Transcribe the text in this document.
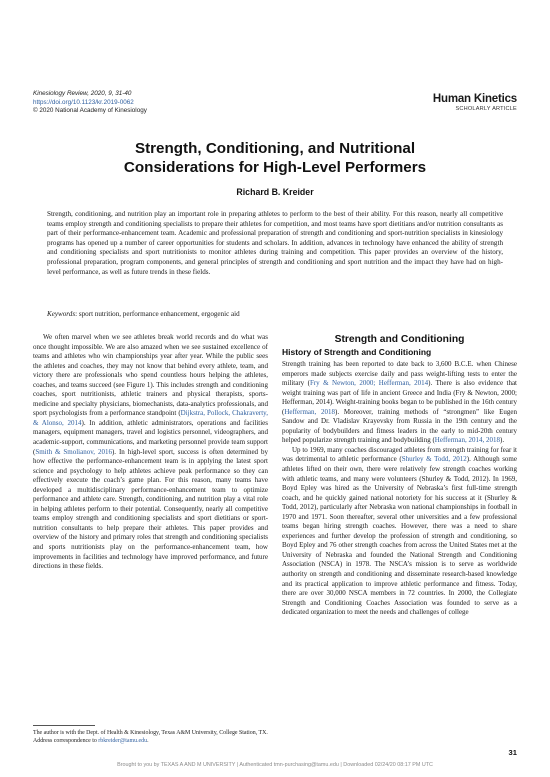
Kinesiology Review, 2020, 9, 31-40
https://doi.org/10.1123/kr.2019-0062
© 2020 National Academy of Kinesiology
Human Kinetics
SCHOLARLY ARTICLE
Strength, Conditioning, and Nutritional
Considerations for High-Level Performers
Richard B. Kreider
Strength, conditioning, and nutrition play an important role in preparing athletes to perform to the best of their ability. For this reason, nearly all competitive teams employ strength and conditioning specialists to prepare their athletes for competition, and most teams have sport dietitians and/or nutrition consultants as part of their performance-enhancement team. Academic and professional preparation of strength and conditioning and sport-nutrition specialists in kinesiology programs has opened up a number of career opportunities for students and scholars. In addition, advances in technology have enhanced the ability of strength and conditioning specialists and sport nutritionists to monitor athletes during training and competition. This paper provides an overview of the history, professional preparation, program components, and general principles of strength and conditioning and sport nutrition and the impact they have had on high-level performance, as well as future trends in these fields.
Keywords: sport nutrition, performance enhancement, ergogenic aid

We often marvel when we see athletes break world records and do what was once thought impossible. We are also amazed when we see sustained excellence of teams and athletes who win championships year after year. While the public sees the athletes and coaches, they may not know that behind every athlete, team, and victory there are professionals who spend countless hours helping the athletes, coaches, and teams succeed (see Figure 1). This includes strength and conditioning coaches, sport nutritionists, athletic trainers and physical therapists, sports-medicine and specialty physicians, biomechanists, data-analytics professionals, and sport psychologists from a performance standpoint (Dijkstra, Pollock, Chakraverty, & Alonso, 2014). In addition, athletic administrators, operations and facilities managers, equipment managers, travel and logistics personnel, videographers, and academic-support, communications, and marketing personnel provide team support (Smith & Smolianov, 2016). In high-level sport, success is often determined by how effective the performance-enhancement team is in applying the latest sport science and psychology to help athletes achieve peak performance so they can effectively execute the coach’s game plan. For this reason, many teams have developed a multidisciplinary performance-enhancement team to optimize performance and athlete care. Strength, conditioning, and nutrition play a vital role in helping athletes perform to their potential. Consequently, nearly all competitive teams employ strength and conditioning specialists and sport dietitians or sport-nutrition consultants to help prepare their athletes. This paper provides and overview of the history and primary roles that strength and conditioning specialists and sports nutritionists play on the performance-enhancement team, how improvements in facilities and technology have improved performance, and future directions in these fields.

Strength and Conditioning
History of Strength and Conditioning

Strength training has been reported to date back to 3,600 B.C.E. when Chinese emperors made subjects exercise daily and pass weight-lifting tests to enter the military (Fry & Newton, 2000; Hefferman, 2014). There is also evidence that weight training was part of life in ancient Greece and India (Fry & Newton, 2000; Hefferman, 2014). Weight-training books began to be published in the 16th century (Hefferman, 2018). Moreover, training methods of “strongmen” like Eugen Sandow and Dr. Vladislav Krayevsky from Russia in the 19th century and the popularity of bodybuilders and fitness leaders in the early to mid-20th century helped popularize strength training and bodybuilding (Hefferman, 2014, 2018).

Up to 1969, many coaches discouraged athletes from strength training for fear it was detrimental to athletic performance (Shurley & Todd, 2012). Although some athletes lifted on their own, there were relatively few strength coaches working with athletic teams, and many were volunteers (Shurley & Todd, 2012). In 1969, Boyd Epley was hired as the University of Nebraska’s first full-time strength coach, and he quickly gained national notoriety for his success at it (Shurley & Todd, 2012), particularly after Nebraska won national championships in football in 1970 and 1971. Soon thereafter, several other universities and a few professional teams began hiring strength coaches. However, there was a need to share experiences and further develop the profession of strength and conditioning, so Boyd Epley and 76 other strength coaches from across the United States met at the University of Nebraska and founded the National Strength and Conditioning Association (NSCA) in 1978. The NSCA’s mission is to serve as worldwide authority on strength and conditioning and disseminate research-based knowledge and its practical application to improve athletic performance and fitness. Today, there are over 30,000 NSCA members in 72 countries. In 2000, the Collegiate Strength and Conditioning Coaches Association was founded to serve as a dedicated organization to meet the needs and challenges of college

The author is with the Dept. of Health & Kinesiology, Texas A&M University, College Station, TX. Address correspondence to rbkreider@tamu.edu.
31
Brought to you by TEXAS A AND M UNIVERSITY | Authenticated tmn-purchasing@tamu.edu | Downloaded 02/24/20 08:17 PM UTC
